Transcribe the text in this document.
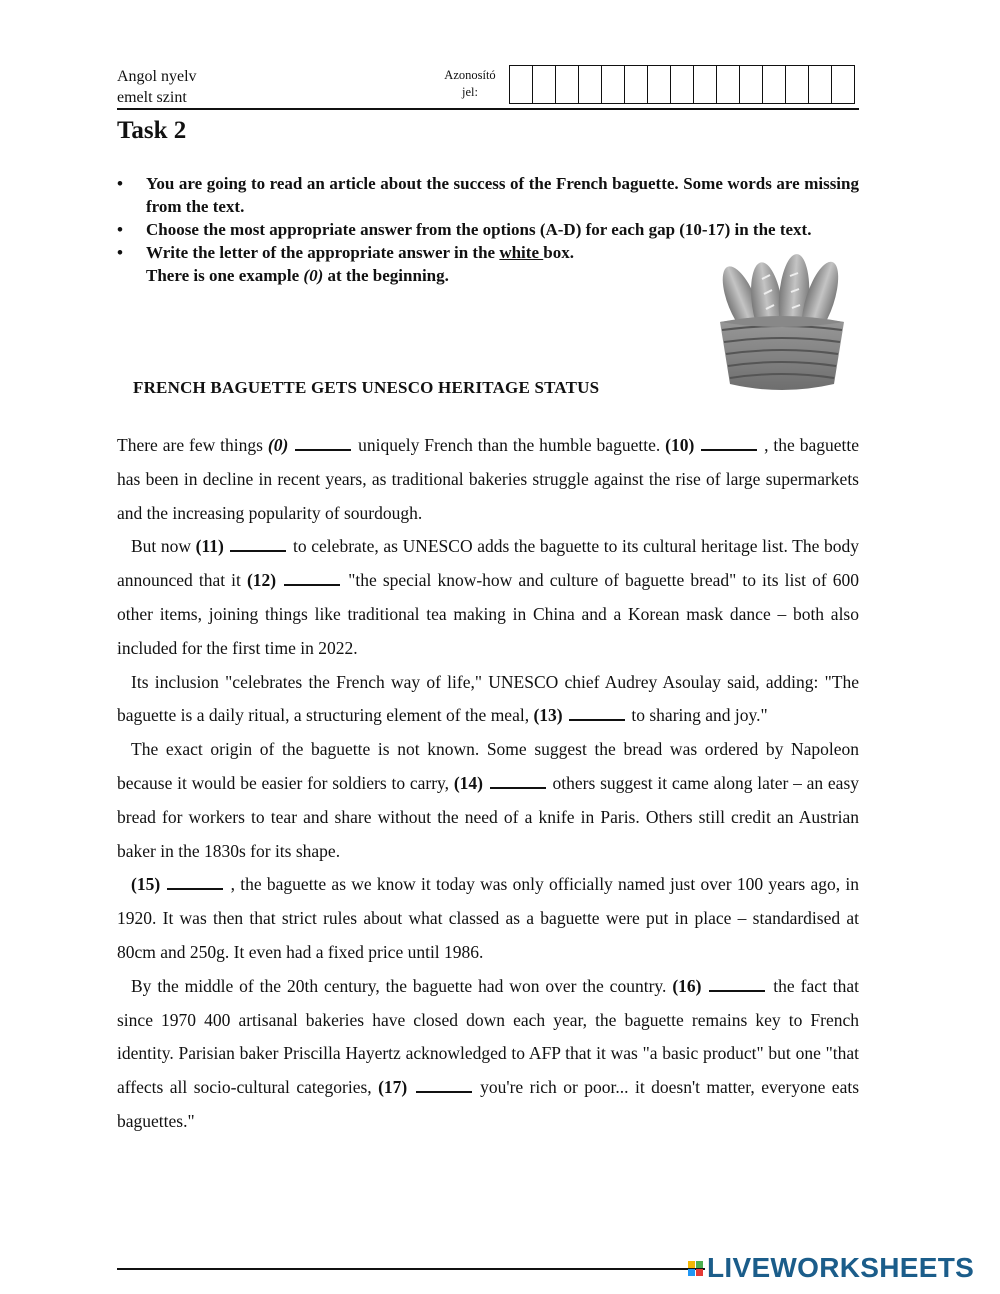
Angol nyelv
emelt szint
Azonosító
jel:
Task 2
• You are going to read an article about the success of the French baguette. Some words are missing from the text.
• Choose the most appropriate answer from the options (A-D) for each gap (10-17) in the text.
• Write the letter of the appropriate answer in the white box.
There is one example (0) at the beginning.
FRENCH BAGUETTE GETS UNESCO HERITAGE STATUS

There are few things (0)	uniquely French than the humble baguette. (10)	, the baguette has been in decline in recent years, as traditional bakeries struggle against the rise of large supermarkets and the increasing popularity of sourdough.

But now (11)	to celebrate, as UNESCO adds the baguette to its cultural heritage list. The body announced that it (12)	"the special know-how and culture of baguette bread" to its list of 600 other items, joining things like traditional tea making in China and a Korean mask dance – both also included for the first time in 2022.

Its inclusion "celebrates the French way of life," UNESCO chief Audrey Asoulay said, adding: "The baguette is a daily ritual, a structuring element of the meal, (13)	to sharing and joy."

The exact origin of the baguette is not known. Some suggest the bread was ordered by Napoleon because it would be easier for soldiers to carry, (14)	others suggest it came along later – an easy bread for workers to tear and share without the need of a knife in Paris. Others still credit an Austrian baker in the 1830s for its shape.

(15)	, the baguette as we know it today was only officially named just over 100 years ago, in 1920. It was then that strict rules about what classed as a baguette were put in place – standardised at 80cm and 250g. It even had a fixed price until 1986.

By the middle of the 20th century, the baguette had won over the country. (16)	the fact that since 1970 400 artisanal bakeries have closed down each year, the baguette remains key to French identity. Parisian baker Priscilla Hayertz acknowledged to AFP that it was "a basic product" but one "that affects all socio-cultural categories, (17)	you're rich or poor... it doesn't matter, everyone eats baguettes."

LIVEWORKSHEETS
